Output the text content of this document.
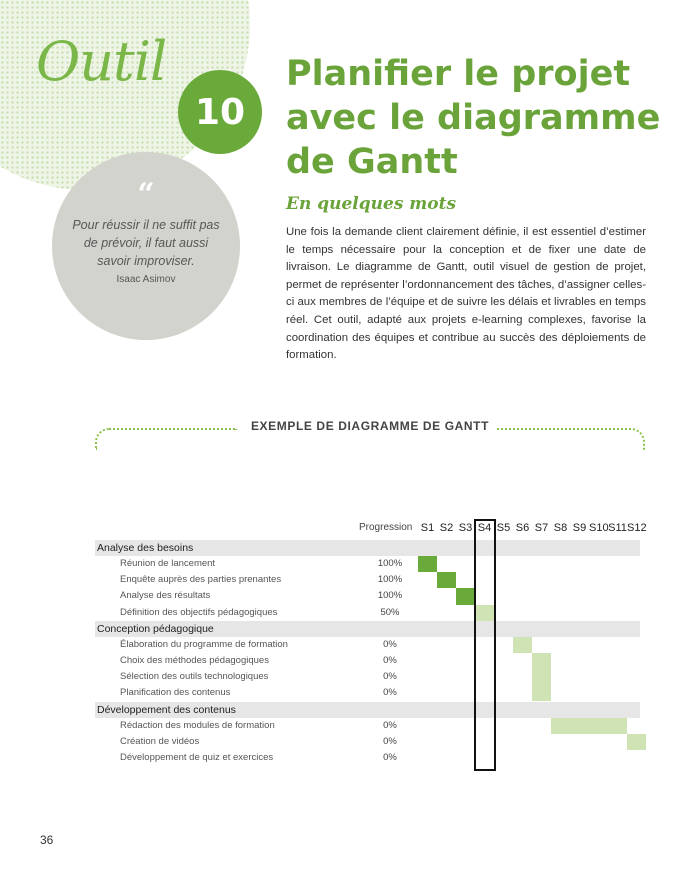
Outil
10
Planifier le projet avec le diagramme de Gantt
“
Pour réussir il ne suffit pas de prévoir, il faut aussi savoir improviser.
Isaac Asimov
En quelques mots
Une fois la demande client clairement définie, il est essentiel d’estimer le temps nécessaire pour la conception et de fixer une date de livraison. Le diagramme de Gantt, outil visuel de gestion de projet, permet de représenter l’ordonnancement des tâches, d’assigner celles-ci aux membres de l’équipe et de suivre les délais et livrables en temps réel. Cet outil, adapté aux projets e-learning complexes, favorise la coordination des équipes et contribue au succès des déploiements de formation.
EXEMPLE DE DIAGRAMME DE GANTT
Progression S1 S2 S3 S4 S5 S6 S7 S8 S9 S10 S11 S12
Analyse des besoins
Réunion de lancement	100%
Enquête auprès des parties prenantes	100%
Analyse des résultats	100%
Définition des objectifs pédagogiques	50%
Conception pédagogique
Élaboration du programme de formation	0%
Choix des méthodes pédagogiques	0%
Sélection des outils technologiques	0%
Planification des contenus	0%
Développement des contenus
Rédaction des modules de formation	0%
Création de vidéos	0%
Développement de quiz et exercices	0%
36
